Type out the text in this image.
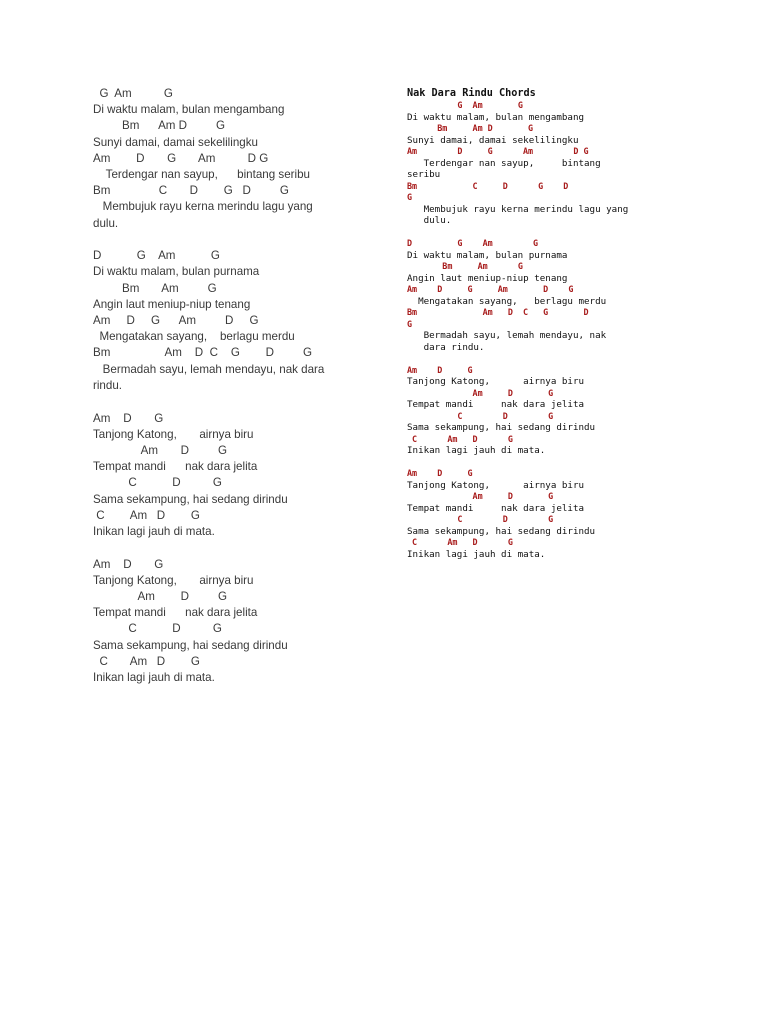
G  Am          G
Di waktu malam, bulan mengambang
Bm      Am D         G
Sunyi damai, damai sekelilingku
Am        D       G       Am          D G
Terdengar nan sayup,      bintang seribu
Bm               C       D        G   D         G
Membujuk rayu kerna merindu lagu yang
dulu.
D           G    Am           G
Di waktu malam, bulan purnama
Bm       Am         G
Angin laut meniup-niup tenang
Am     D     G      Am         D     G
Mengatakan sayang,    berlagu merdu
Bm                 Am    D  C    G        D         G
Bermadah sayu, lemah mendayu, nak dara
rindu.
Am    D       G
Tanjong Katong,       airnya biru
Am       D         G
Tempat mandi      nak dara jelita
C           D          G
Sama sekampung, hai sedang dirindu
C        Am   D        G
Inikan lagi jauh di mata.
Am    D       G
Tanjong Katong,       airnya biru
Am        D         G
Tempat mandi      nak dara jelita
C           D          G
Sama sekampung, hai sedang dirindu
C       Am   D        G
Inikan lagi jauh di mata.
Nak Dara Rindu Chords
G  Am       G
Di waktu malam, bulan mengambang
Bm     Am D       G
Sunyi damai, damai sekelilingku
Am        D     G      Am        D G
Terdengar nan sayup,     bintang
seribu
Bm           C     D      G    D
G
Membujuk rayu kerna merindu lagu yang
dulu.
D         G    Am        G
Di waktu malam, bulan purnama
Bm     Am      G
Angin laut meniup-niup tenang
Am    D     G     Am       D    G
Mengatakan sayang,   berlagu merdu
Bm             Am   D  C   G       D
G
Bermadah sayu, lemah mendayu, nak
dara rindu.
Am    D     G
Tanjong Katong,      airnya biru
Am     D       G
Tempat mandi     nak dara jelita
C        D        G
Sama sekampung, hai sedang dirindu
C      Am   D      G
Inikan lagi jauh di mata.
Am    D     G
Tanjong Katong,      airnya biru
Am     D       G
Tempat mandi     nak dara jelita
C        D        G
Sama sekampung, hai sedang dirindu
C      Am   D      G
Inikan lagi jauh di mata.
